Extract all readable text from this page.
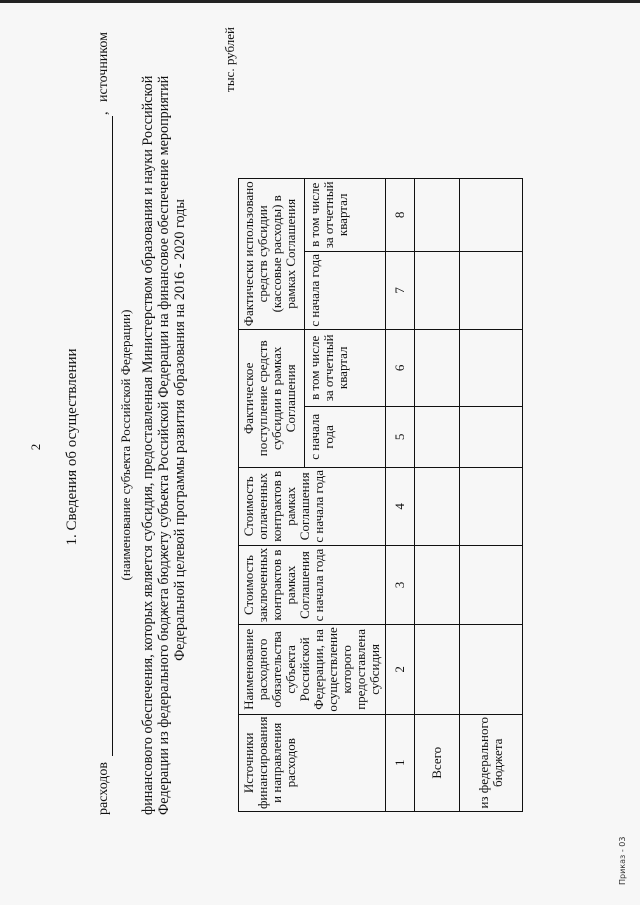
2 1. Сведения об осуществлении
расходов
,
источником
(наименование субъекта Российской Федерации) финансового обеспечения, которых является субсидия, предоставленная Министерством образования и науки Российской Федерации из федерального бюджета бюджету субъекта Российской Федерации на финансовое обеспечение мероприятий Федеральной целевой программы развития образования на 2016 - 2020 годы
тыс. рублей
Источники финансирования и направления расходов	Наименование расходного обязательства субъекта Российской Федерации, на осуществление которого предоставлена субсидия	Стоимость заключенных контрактов в рамках Соглашения с начала года	Стоимость оплаченных контрактов в рамках Соглашения с начала года	Фактическое поступление средств субсидии в рамках Соглашения		Фактически использовано средств субсидии (кассовые расходы) в рамках Соглашения	
				с начала года	в том числе за отчетный квартал	с начала года	в том числе за отчетный квартал
1	2	3	4	5	6	7	8
Всего							
из федерального бюджета							
Приказ - 03
